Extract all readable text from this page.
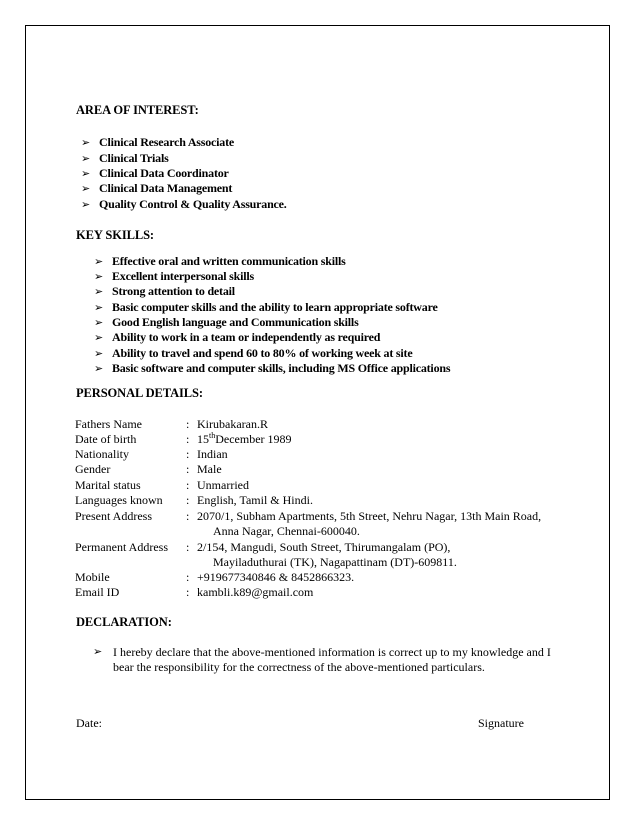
AREA OF INTEREST:
➢ Clinical Research Associate
➢ Clinical Trials
➢ Clinical Data Coordinator
➢ Clinical Data Management
➢ Quality Control & Quality Assurance.
KEY SKILLS:
➢ Effective oral and written communication skills
➢ Excellent interpersonal skills
➢ Strong attention to detail
➢ Basic computer skills and the ability to learn appropriate software
➢ Good English language and Communication skills
➢ Ability to work in a team or independently as required
➢ Ability to travel and spend 60 to 80% of working week at site
➢ Basic software and computer skills, including MS Office applications
PERSONAL DETAILS:
Fathers Name	: Kirubakaran.R
Date of birth	: 15thDecember 1989
Nationality	: Indian
Gender	: Male
Marital status	: Unmarried
Languages known : English, Tamil & Hindi.
Present Address	: 2070/1, Subham Apartments, 5th Street, Nehru Nagar, 13th Main Road,
Anna Nagar, Chennai-600040.
Permanent Address : 2/154, Mangudi, South Street, Thirumangalam (PO),
Mayiladuthurai (TK), Nagapattinam (DT)-609811.
Mobile	: +919677340846 & 8452866323.
Email ID	: kambli.k89@gmail.com
DECLARATION:
➢ I hereby declare that the above-mentioned information is correct up to my knowledge and I bear the responsibility for the correctness of the above-mentioned particulars.
Date:	Signature
